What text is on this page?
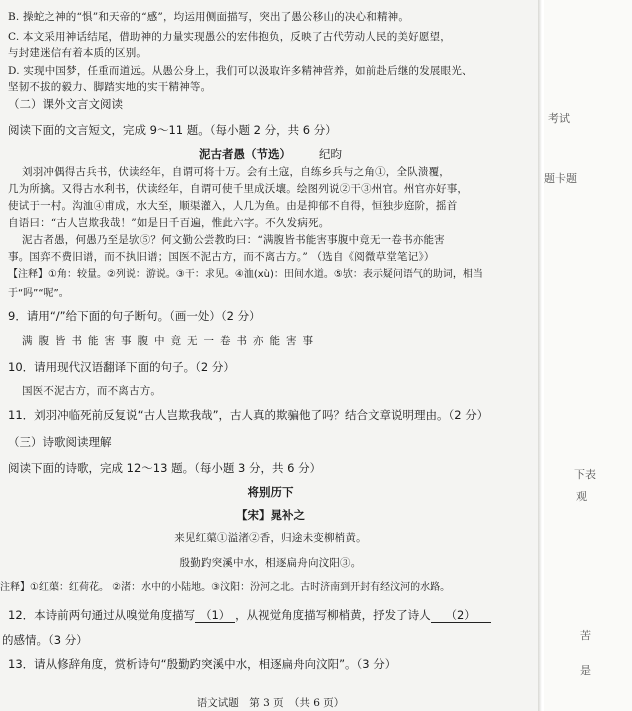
B. 操蛇之神的“惧”和天帝的“感”，均运用侧面描写，突出了愚公移山的决心和精神。
C. 本文采用神话结尾，借助神的力量实现愚公的宏伟抱负，反映了古代劳动人民的美好愿望，
与封建迷信有着本质的区别。
D. 实现中国梦，任重而道远。从愚公身上，我们可以汲取许多精神营养，如前赴后继的发展眼光、
坚韧不拔的毅力、脚踏实地的实干精神等。
（二）课外文言文阅读
阅读下面的文言短文，完成 9～11 题。（每小题 2 分，共 6 分）
泥古者愚（节选） 纪昀
刘羽冲偶得古兵书，伏读经年，自谓可将十万。会有土寇，自练乡兵与之角①，全队溃覆，
几为所擒。又得古水利书，伏读经年，自谓可使千里成沃壤。绘图列说②干③州官。州官亦好事，
使试于一村。沟洫④甫成，水大至，顺渠灌入，人几为鱼。由是抑郁不自得，恒独步庭阶，摇首
自语曰：“古人岂欺我哉！”如是日千百遍，惟此六字。不久发病死。
泥古者愚，何愚乃至是欤⑤？何文勤公尝教昀曰：“满腹皆书能害事腹中竟无一卷书亦能害
事。国弈不费旧谱，而不执旧谱；国医不泥古方，而不离古方。” （选自《阅微草堂笔记》）
【注释】①角：较量。②列说：游说。③干：求见。④洫(xù)：田间水道。⑤欤：表示疑问语气的助词，相当
于“吗”“呢”。
9．请用“/”给下面的句子断句。（画一处）（2 分）
满腹皆书能害事腹中竟无一卷书亦能害事
10．请用现代汉语翻译下面的句子。（2 分）
国医不泥古方，而不离古方。
11．刘羽冲临死前反复说“古人岂欺我哉”，古人真的欺骗他了吗？结合文章说明理由。（2 分）
（三）诗歌阅读理解
阅读下面的诗歌，完成 12～13 题。（每小题 3 分，共 6 分）
将别历下
【宋】晁补之
来见红蕖①溢渚②香，归途未变柳梢黄。
殷勤趵突溪中水，相逐扁舟向汶阳③。
注释】①红蕖：红荷花。 ②渚：水中的小陆地。③汶阳：汾河之北。古时济南到开封有经汶河的水路。
12．本诗前两句通过从嗅觉角度描写 （1） ，从视觉角度描写柳梢黄，抒发了诗人 （2）
的感情。（3 分）
13．请从修辞角度，赏析诗句“殷勤趵突溪中水，相逐扁舟向汶阳”。（3 分）
语文试题　第 3 页　（共 6 页）
考试
题卡题
下表
观
苦
是
